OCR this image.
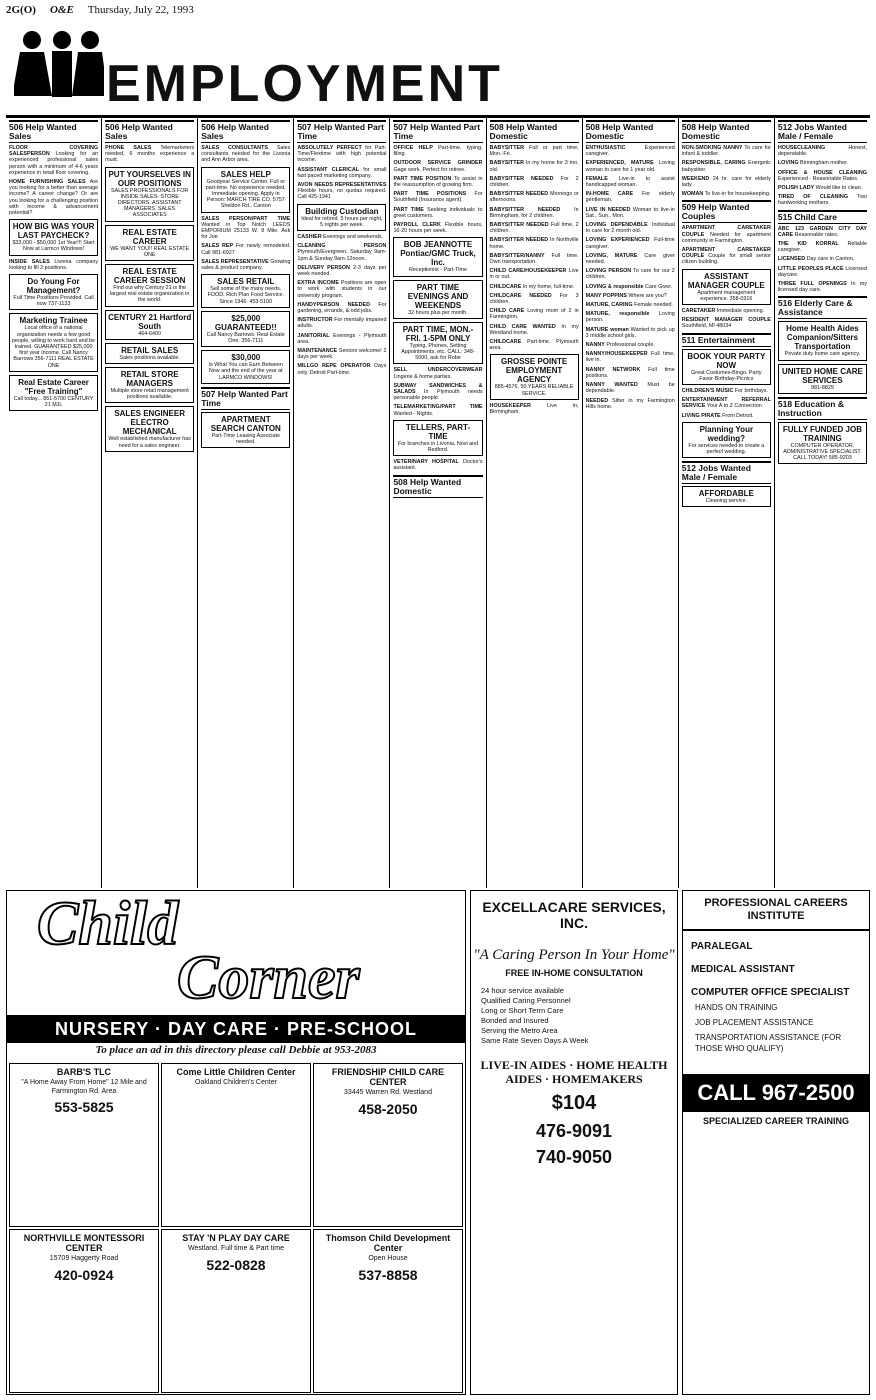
2G(O) O&E Thursday, July 22, 1993
EMPLOYMENT
506 Help Wanted Sales
FLOOR COVERING SALESPERSON Looking for an experienced professional sales person with a minimum of 4-6 years experience in retail floor covering.
HOME FURNISHING SALES Are you looking for a better than average income? A career change? Or are you looking for a challenging position with income & advancement potential?
HOW BIG WAS YOUR LAST PAYCHECK?
$33,000 - $50,000 1st Year!!! Start Now at Larmco Windows!
INSIDE SALES Livonia company looking to fill 2 positions.
Do Young For Management?
Full Time Positions Provided. Call now 737-1133
Marketing Trainee
Local office of a national organization needs a few good people, willing to work hard and be trained. GUARANTEED $25,000 first year income. Call Nancy Barrows 356-7111 REAL ESTATE ONE
Real Estate Career "Free Training"
Call today... 851-5700 CENTURY 21 MJL
506 Help Wanted Sales
PHONE SALES Telemarketers needed, 6 months experience a must.
PUT YOURSELVES IN OUR POSITIONS
SALES PROFESSIONALS FOR INSIDE SALES. STORE DIRECTORS. ASSISTANT MANAGERS. SALES ASSOCIATES
REAL ESTATE CAREER
WE WANT YOU!! REAL ESTATE ONE
REAL ESTATE CAREER SESSION
Find out why Century 21 is the largest real estate organization in the world.
CENTURY 21 Hartford South
464-6400
RETAIL SALES
Sales positions available.
RETAIL STORE MANAGERS
Multiple store retail management positions available.
SALES ENGINEER ELECTRO MECHANICAL
Well established manufacturer has need for a sales engineer.
506 Help Wanted Sales
SALES CONSULTANTS Sales consultants needed for the Livonia and Ann Arbor area.
SALES HELP
Goodyear Service Center. Full or part-time. No experience needed. Immediate opening. Apply in Person: MARCH TIRE CO. 5757 Sheldon Rd., Canton
SALES PERSON/PART TIME Wanted in Top Notch LEEDS EMPORIUM 25133 W. 8 Mile. Ask for Joe
SALES REP For newly remodeled. Call 981-6927
SALES REPRESENTATIVE Growing sales & product company.
SALES RETAIL
Sell some of the many needs. FOOD. Rich Plan Food Service. Since 1946. 453-5100
$25,000 GUARANTEED!!
Call Nancy Barrows. Real Estate One. 356-7111
$30,000
Is What You can Earn Between Now and the end of the year at LARMCO WINDOWS!
507 Help Wanted Part Time
APARTMENT SEARCH CANTON
Part-Time Leasing Associate needed.
507 Help Wanted Part Time
ABSOLUTELY PERFECT for Part-Time/Flextime with high potential income.
ASSISTANT CLERICAL for small fast paced marketing company.
AVON NEEDS REPRESENTATIVES Flexible hours, no quotas required. Call 425-1941
Building Custodian
Ideal for retired. 5 hours per night, 5 nights per week.
CASHIER Evenings and weekends.
CLEANING PERSON Plymouth/Evergreen. Saturday 9am-1pm & Sunday 9am-12noon.
DELIVERY PERSON 2-3 days per week needed.
EXTRA INCOME Positions are open to work with students in our university program.
HANDYPERSON NEEDED For gardening, errands, & odd jobs.
INSTRUCTOR For mentally impaired adults.
JANITORIAL Evenings - Plymouth area.
MAINTENANCE Seniors welcome! 2 days per week.
MILLGO REPE OPERATOR Days only. Detroit Part-time.
507 Help Wanted Part Time
OFFICE HELP Part-time, typing, filing.
OUTDOOR SERVICE GRINDER Gage work. Perfect for retiree.
PART TIME POSITION To assist in the reassumption of growing firm.
PART TIME POSITIONS For Southfield (Insurance agent).
PART TIME Seeking individuals to greet customers.
PAYROLL CLERK Flexible hours, 16-20 hours per week.
BOB JEANNOTTE Pontiac/GMC Truck, Inc.
Receptionist - Part-Time
PART TIME EVENINGS AND WEEKENDS
32 hours plus per month.
PART TIME, MON.-FRI. 1-5PM ONLY
Typing, Phones, Setting Appointments, etc. CALL: 348-5000, ask for Robe
SELL UNDERCOVERWEAR Lingerie & home parties.
SUBWAY SANDWICHES & SALADS In Plymouth needs personable people.
TELEMARKETING/PART TIME Wanted - Nights.
TELLERS, PART-TIME
For branches in Livonia, Novi and Redford.
VETERINARY HOSPITAL Doctor's assistant.
508 Help Wanted Domestic
508 Help Wanted Domestic
BABYSITTER Full or part time, Mon.-Fri.
BABYSITTER In my home for 3 mo. old.
BABYSITTER NEEDED For 2 children.
BABYSITTER NEEDED Mornings or afternoons.
BABYSITTER NEEDED	In Birmingham, for 2 children.
BABYSITTER NEEDED Full time, 2 children.
BABYSITTER NEEDED In Northville home.
BABYSITTER/NANNY Full time. Own transportation.
CHILD CARE/HOUSEKEEPER Live in or out.
CHILDCARE In my home, full-time.
CHILDCARE NEEDED For 3 children.
CHILD CARE Loving mom of 2 in Farmington.
CHILD CARE WANTED In my Westland home.
CHILDCARE Part-time. Plymouth area.
GROSSE POINTE EMPLOYMENT AGENCY
885-4576. 50 YEARS RELIABLE SERVICE.
HOUSEKEEPER	Live in, Birmingham.
508 Help Wanted Domestic
ENTHUSIASTIC	Experienced caregiver.
EXPERIENCED, MATURE Loving woman to care for 1 year old.
FEMALE Live-in to assist handicapped woman.
IN-HOME CARE For elderly gentleman.
LIVE IN NEEDED Woman to live-in Sat., Sun., Mon.
LOVING DEPENDABLE Individual to care for 2 month old.
LOVING EXPERIENCED Full-time caregiver.
LOVING, MATURE Care giver needed.
LOVING PERSON To care for our 2 children.
LOVING & responsible Care Giver.
MANY POPPINS Where are you?
MATURE, CARING Female needed.
MATURE, responsible Loving person.
MATURE woman Wanted to pick up 3 middle school girls.
NANNY Professional couple.
NANNY/HOUSEKEEPER Full time, live in.
NANNY NETWORK Full time positions.
NANNY WANTED Must be dependable.
NEEDED Sitter in my Farmington Hills home.
508 Help Wanted Domestic
NON-SMOKING NANNY To care for infant & toddler.
RESPONSIBLE, CARING Energetic babysitter.
WEEKEND 24 hr. care for elderly lady.
WOMAN To live-in for housekeeping.
509 Help Wanted Couples
APARTMENT CARETAKER COUPLE Needed for apartment community in Farmington.
APARTMENT CARETAKER COUPLE Couple for small senior citizen building.
ASSISTANT MANAGER COUPLE
Apartment management experience. 358-0316
CARETAKER Immediate opening.
RESIDENT MANAGER COUPLE Southfield, MI 48034
511 Entertainment
BOOK YOUR PARTY NOW
Great Costumes-Bingo. Party Favor-Birthday-Picnics
CHILDREN'S MUSIC For birthdays.
ENTERTAINMENT REFERRAL SERVICE Your A to Z Connection
LIVING PIRATE From Detroit.
Planning Your wedding?
For services needed to create a perfect wedding.
512 Jobs Wanted Male / Female
AFFORDABLE
Cleaning service.
512 Jobs Wanted Male / Female
HOUSECLEANING	Honest, dependable.
LOVING Birmingham mother.
OFFICE & HOUSE CLEANING Experienced - Reasonable Rates.
POLISH LADY Would like to clean.
TIRED OF CLEANING Two hardworking mothers.
515 Child Care
ABC 123 GARDEN CITY DAY CARE Reasonable rates.
THE KID KORRAL Reliable caregiver.
LICENSED Day care in Canton.
LITTLE PEOPLES PLACE Licensed daycare.
THREE FULL OPENINGS In my licensed day care.
516 Elderly Care & Assistance
Home Health Aides Companion/Sitters Transportation
Private duty home care agency.
UNITED HOME CARE SERVICES
981-8829
518 Education & Instruction
FULLY FUNDED JOB TRAINING
COMPUTER OPERATOR. ADMINISTRATIVE SPECIALIST. CALL TODAY! 585-9203
Child
Corner
NURSERY · DAY CARE · PRE-SCHOOL
To place an ad in this directory please call Debbie at 953-2083
BARB'S TLC
"A Home Away From Home" 12 Mile and Farmington Rd. Area
553-5825
Come Little Children Center
Oakland Children's Center
FRIENDSHIP CHILD CARE CENTER
33445 Warren Rd. Westland
458-2050
NORTHVILLE MONTESSORI CENTER
15709 Haggerty Road
420-0924
STAY 'N PLAY DAY CARE
Westland. Full time & Part time
522-0828
Thomson Child Development Center
Open House
537-8858
EXCELLACARE SERVICES, INC.
"A Caring Person In Your Home"
FREE IN-HOME CONSULTATION
24 hour service available
Qualified Caring Personnel
Long or Short Term Care
Bonded and Insured
Serving the Metro Area
Same Rate Seven Days A Week
LIVE-IN AIDES · HOME HEALTH AIDES · HOMEMAKERS
$104
476-9091
740-9050
PROFESSIONAL CAREERS INSTITUTE
PARALEGAL
MEDICAL ASSISTANT
COMPUTER OFFICE SPECIALIST
HANDS ON TRAINING
JOB PLACEMENT ASSISTANCE
TRANSPORTATION ASSISTANCE (FOR THOSE WHO QUALIFY)
CALL 967-2500
SPECIALIZED CAREER TRAINING
